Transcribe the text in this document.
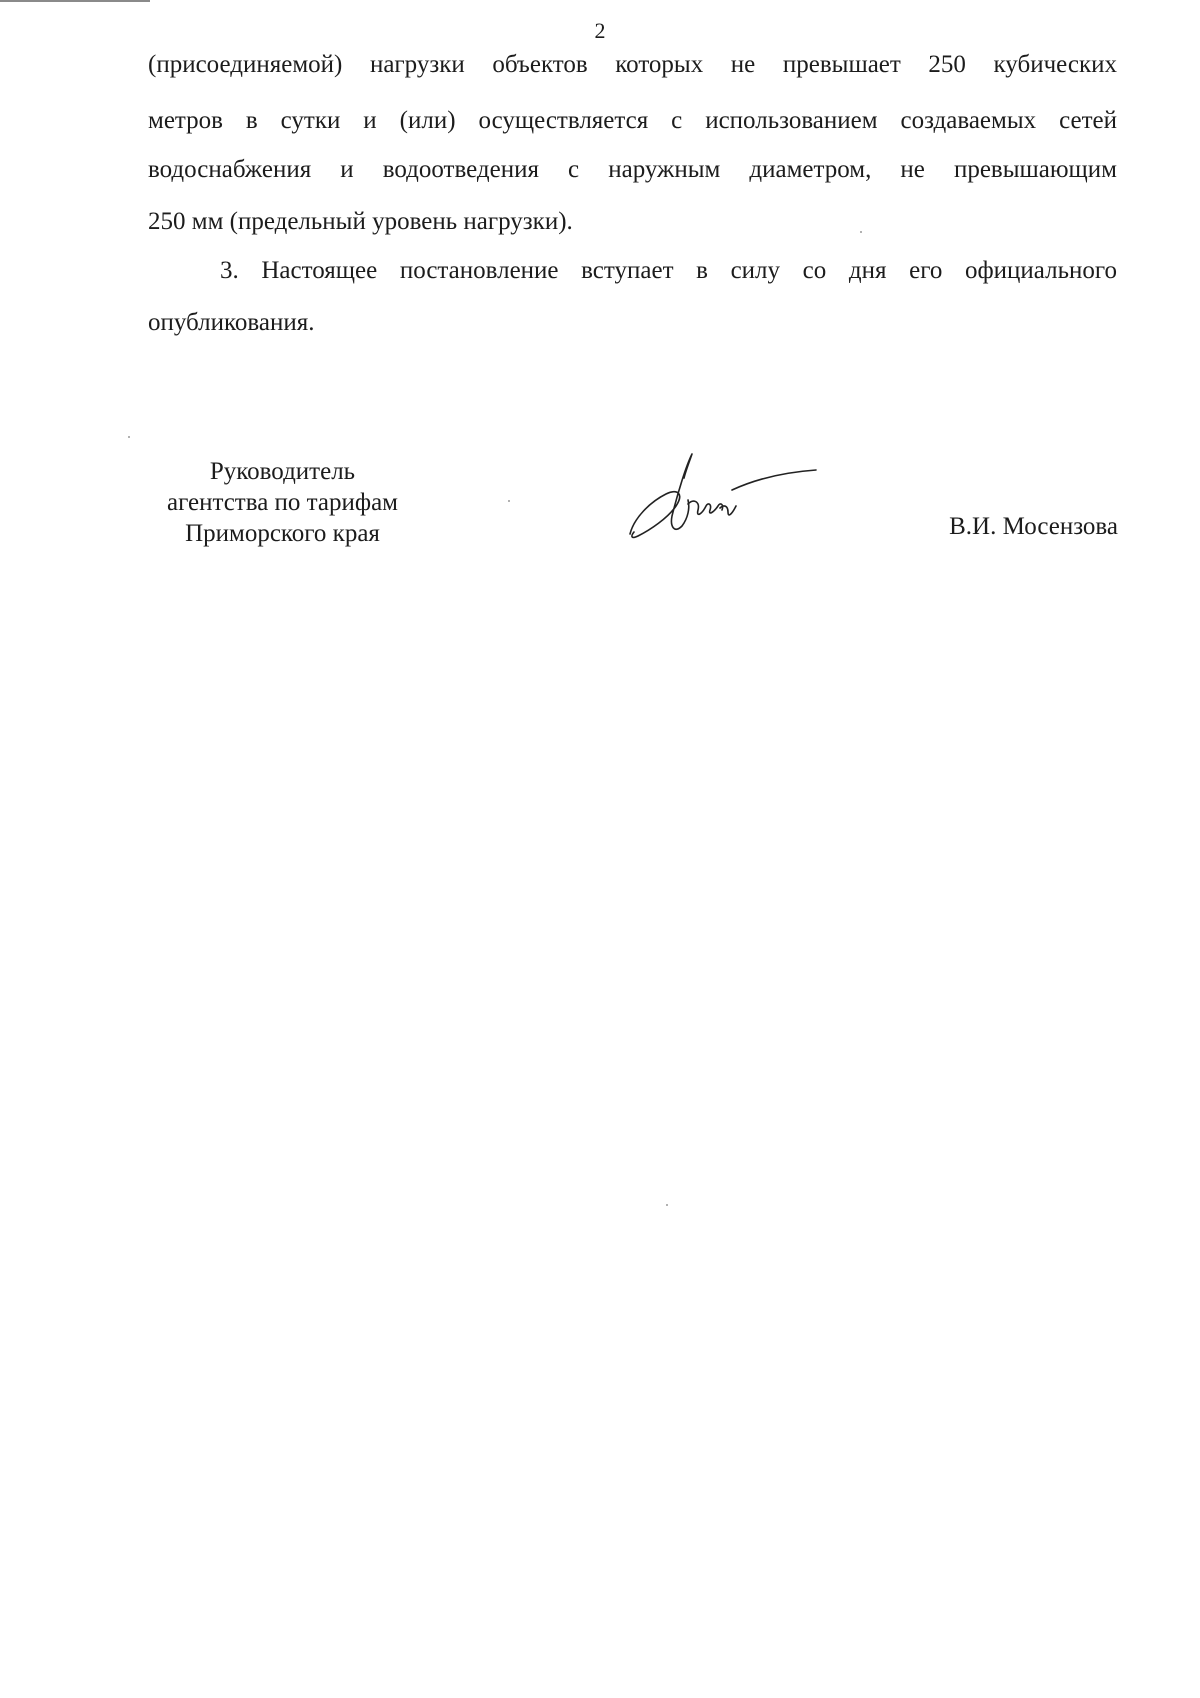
2
(присоединяемой) нагрузки объектов которых не превышает 250 кубических
метров в сутки и (или) осуществляется с использованием создаваемых сетей
водоснабжения и водоотведения с наружным диаметром, не превышающим
250 мм (предельный уровень нагрузки).
3. Настоящее постановление вступает в силу со дня его официального
опубликования.
Руководитель
агентства по тарифам
Приморского края	В.И. Мосензова
